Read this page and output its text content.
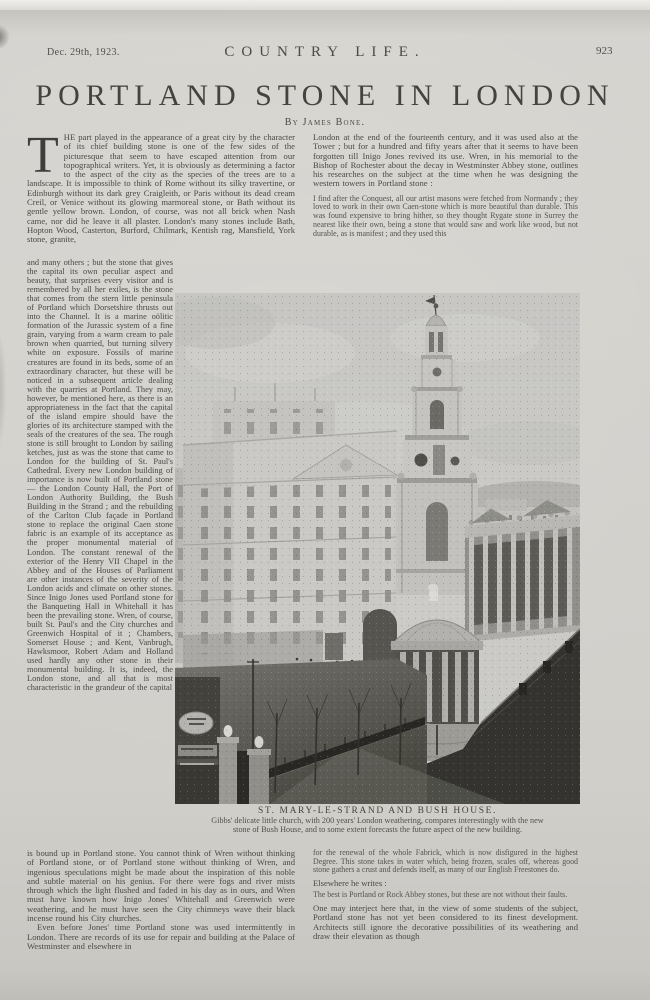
Dec. 29th, 1923.	COUNTRY LIFE.	923
PORTLAND STONE IN LONDON
By James Bone.
THE part played in the appearance of a great city by the character of its chief building stone is one of the few sides of the picturesque that seem to have escaped attention from our topographical writers. Yet, it is obviously as determining a factor to the aspect of the city as the species of the trees are to a landscape. It is impossible to think of Rome without its silky travertine, or Edinburgh without its dark grey Craigleith, or Paris without its dead cream Creil, or Venice without its glowing marmoreal stone, or Bath without its gentle yellow brown. London, of course, was not all brick when Nash came, nor did he leave it all plaster. London's many stones include Bath, Hopton Wood, Casterton, Burford, Chilmark, Kentish rag, Mansfield, York stone, granite,

London at the end of the fourteenth century, and it was used also at the Tower ; but for a hundred and fifty years after that it seems to have been forgotten till Inigo Jones revived its use. Wren, in his memorial to the Bishop of Rochester about the decay in Westminster Abbey stone, outlines his researches on the subject at the time when he was designing the western towers in Portland stone :

I find after the Conquest, all our artist masons were fetched from Normandy ; they loved to work in their own Caen-stone which is more beautiful than durable. This was found expensive to bring hither, so they thought Rygate stone in Surrey the nearest like their own, being a stone that would saw and work like wood, but not durable, as is manifest ; and they used this

and many others ; but the stone that gives the capital its own peculiar aspect and beauty, that surprises every visitor and is remembered by all her exiles, is the stone that comes from the stern little peninsula of Portland which Dorsetshire thrusts out into the Channel. It is a marine oölitic formation of the Jurassic system of a fine grain, varying from a warm cream to pale brown when quarried, but turning silvery white on exposure. Fossils of marine creatures are found in its beds, some of an extraordinary character, but these will be noticed in a subsequent article dealing with the quarries at Portland. They may, however, be mentioned here, as there is an appropriateness in the fact that the capital of the island empire should have the glories of its architecture stamped with the seals of the creatures of the sea. The rough stone is still brought to London by sailing ketches, just as was the stone that came to London for the building of St. Paul's Cathedral. Every new London building of importance is now built of Portland stone — the London County Hall, the Port of London Authority Building, the Bush Building in the Strand ; and the rebuilding of the Carlton Club façade in Portland stone to replace the original Caen stone fabric is an example of its acceptance as the proper monumental material of London. The constant renewal of the exterior of the Henry VII Chapel in the Abbey and of the Houses of Parliament are other instances of the severity of the London acids and climate on other stones. Since Inigo Jones used Portland stone for the Banqueting Hall in Whitehall it has been the prevailing stone. Wren, of course, built St. Paul's and the City churches and Greenwich Hospital of it ; Chambers, Somerset House ; and Kent, Vanbrugh, Hawksmoor, Robert Adam and Holland used hardly any other stone in their monumental building. It is, indeed, the London stone, and all that is most characteristic in the grandeur of the capital
ST. MARY-LE-STRAND AND BUSH HOUSE.
Gibbs' delicate little church, with 200 years' London weathering, compares interestingly with the new
stone of Bush House, and to some extent forecasts the future aspect of the new building.

is bound up in Portland stone. You cannot think of Wren without thinking of Portland stone, or of Portland stone without thinking of Wren, and ingenious speculations might be made about the inspiration of this noble and subtle material on his genius. For there were fogs and river mists through which the light flushed and faded in his day as in ours, and Wren must have known how Inigo Jones' Whitehall and Greenwich were weathering, and he must have seen the City chimneys wave their black incense round his City churches.

Even before Jones' time Portland stone was used intermittently in London. There are records of its use for repair and building at the Palace of Westminster and elsewhere in

for the renewal of the whole Fabrick, which is now disfigured in the highest Degree. This stone takes in water which, being frozen, scales off, whereas good stone gathers a crust and defends itself, as many of our English Freestones do.

Elsewhere he writes :

The best is Portland or Rock Abbey stones, but these are not without their faults.

One may interject here that, in the view of some students of the subject, Portland stone has not yet been considered to its finest development. Architects still ignore the decorative possibilities of its weathering and draw their elevation as though
